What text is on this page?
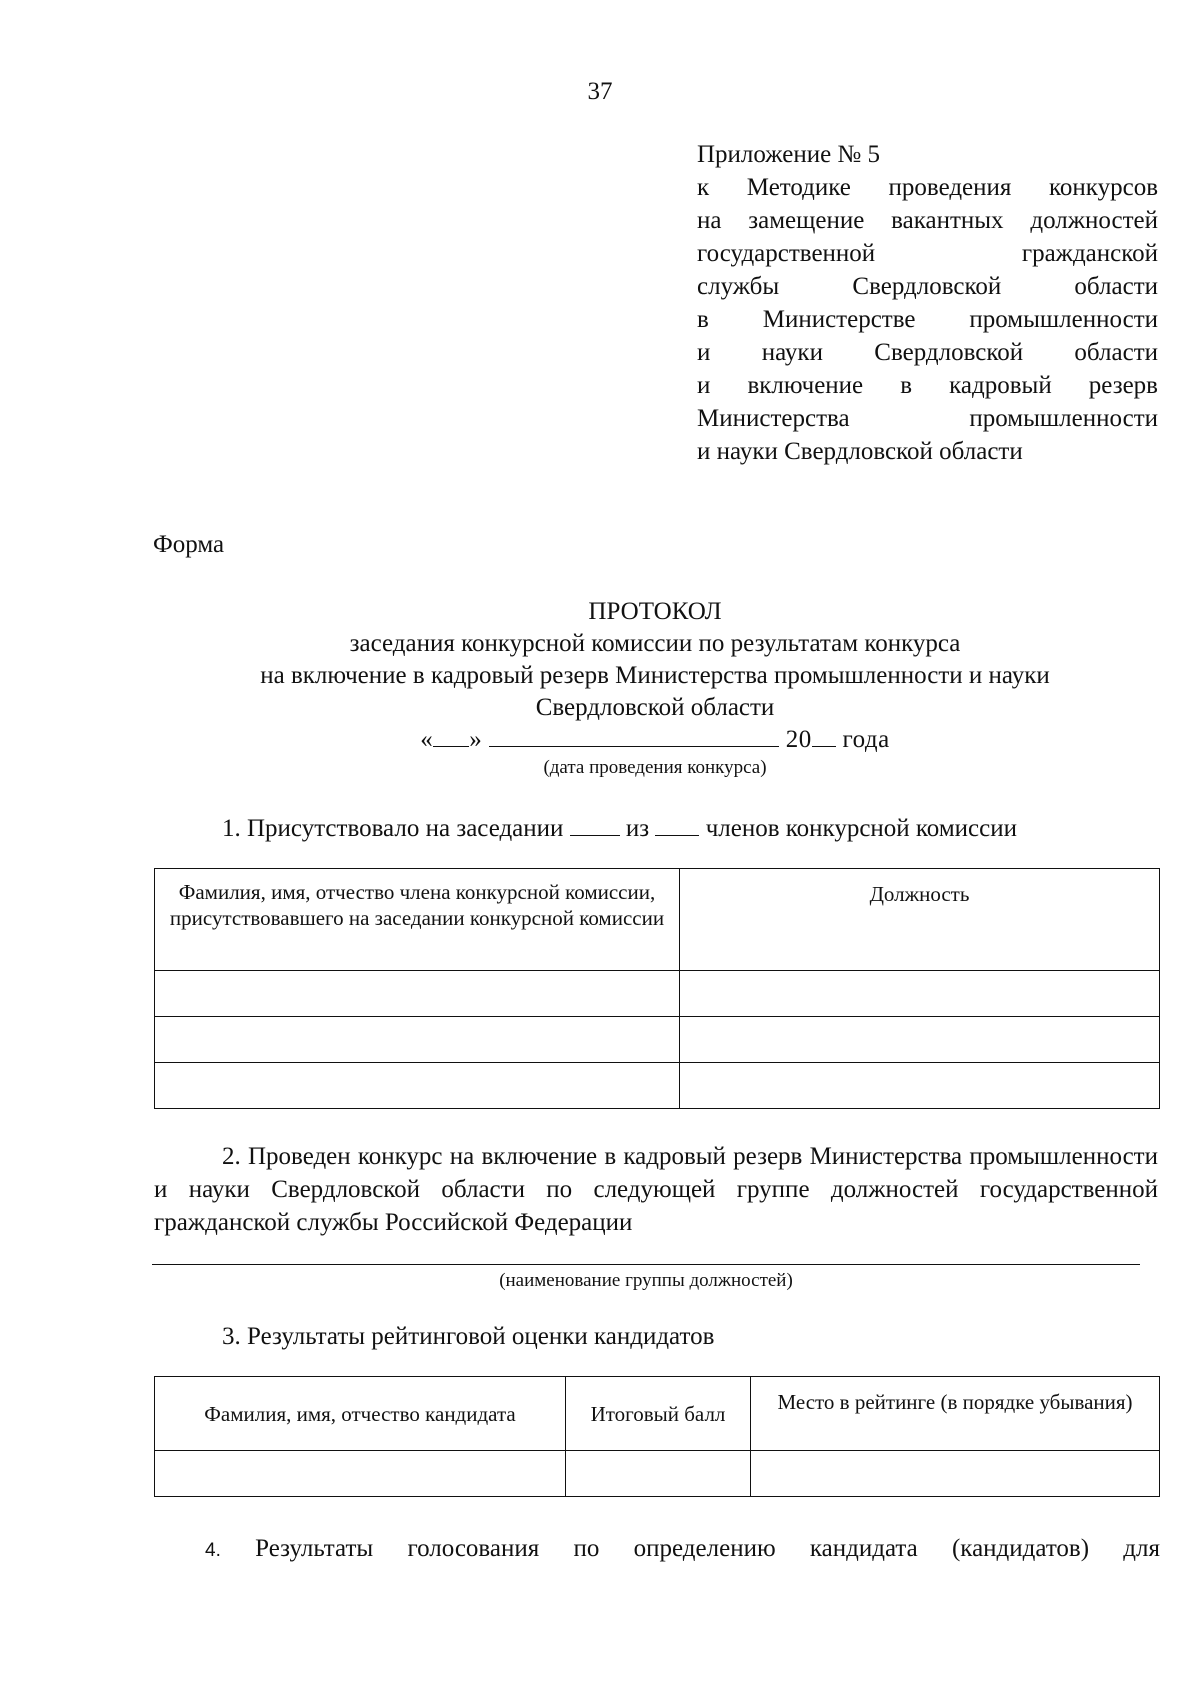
37
Приложение № 5
к Методике проведения конкурсов
на замещение вакантных должностей
государственной гражданской
службы Свердловской области
в Министерстве промышленности
и науки Свердловской области
и включение в кадровый резерв
Министерства промышленности
и науки Свердловской области
Форма
ПРОТОКОЛ
заседания конкурсной комиссии по результатам конкурса
на включение в кадровый резерв Министерства промышленности и науки
Свердловской области
« »	20 года
(дата проведения конкурса)
1. Присутствовало на заседании	из членов конкурсной комиссии
Фамилия, имя, отчество члена конкурсной комиссии, присутствовавшего на заседании конкурсной комиссии	Должность

2. Проведен конкурс на включение в кадровый резерв Министерства промышленности и науки Свердловской области по следующей группе должностей государственной гражданской службы Российской Федерации
(наименование группы должностей)
3. Результаты рейтинговой оценки кандидатов
Фамилия, имя, отчество кандидата	Итоговый балл	Место в рейтинге (в порядке убывания)

4. Результаты голосования по определению кандидата (кандидатов) для
